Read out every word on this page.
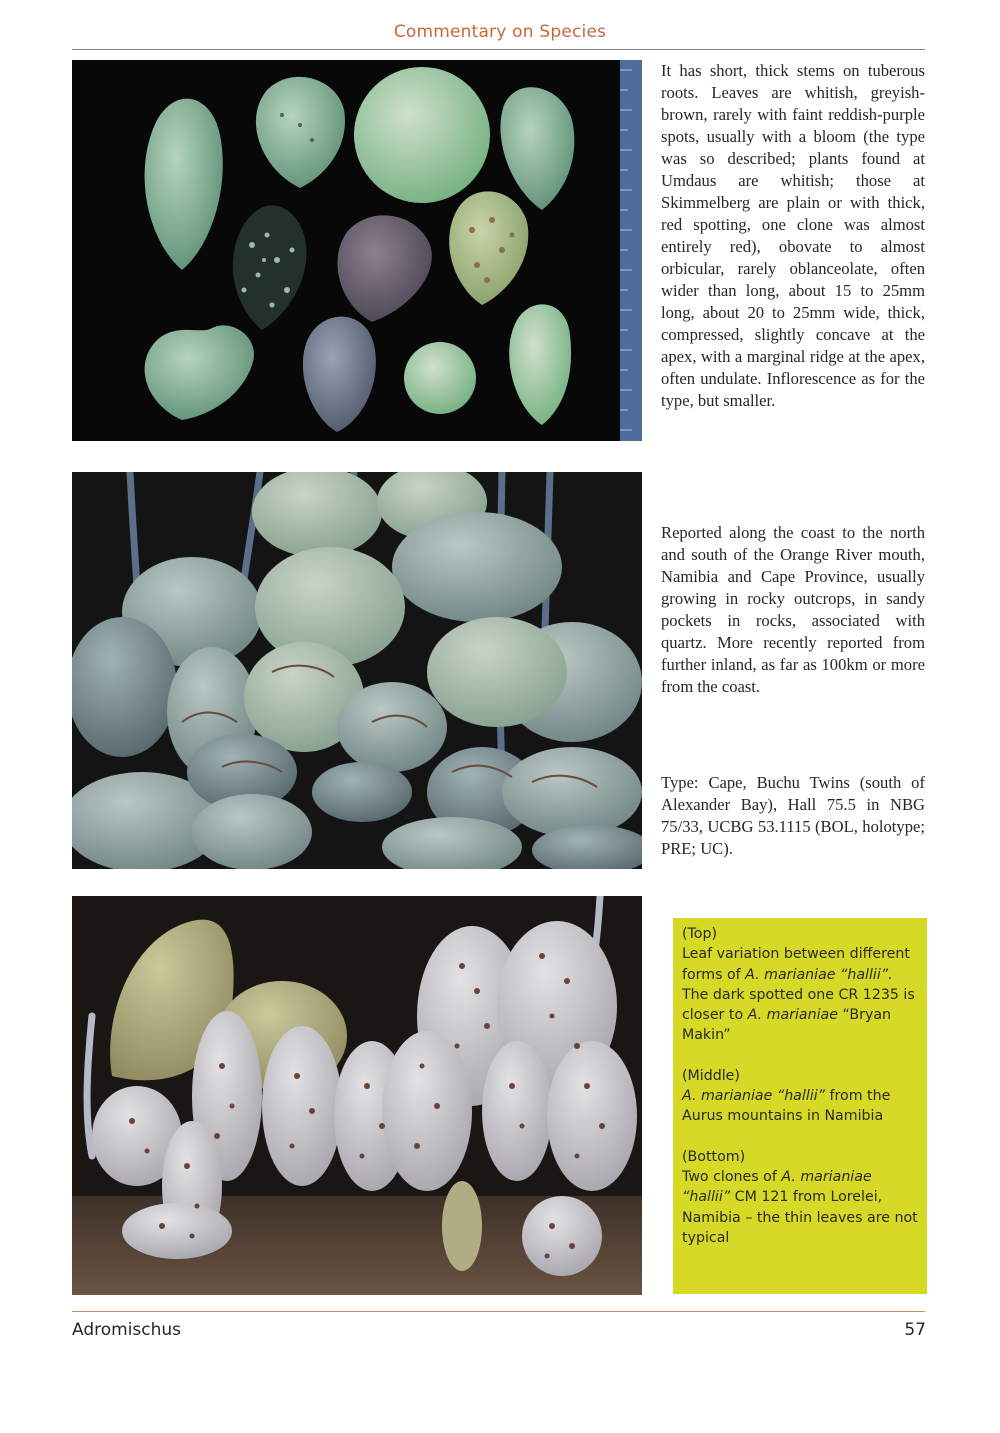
Commentary on Species

It has short, thick stems on tuberous roots. Leaves are whitish, greyish-brown, rarely with faint reddish-purple spots, usually with a bloom (the type was so described; plants found at Umdaus are whitish; those at Skimmelberg are plain or with thick, red spotting, one clone was almost entirely red), obovate to almost orbicular, rarely oblanceolate, often wider than long, about 15 to 25mm long, about 20 to 25mm wide, thick, compressed, slightly concave at the apex, with a marginal ridge at the apex, often undulate. Inflorescence as for the type, but smaller.

Reported along the coast to the north and south of the Orange River mouth, Namibia and Cape Province, usually growing in rocky outcrops, in sandy pockets in rocks, associated with quartz. More recently reported from further inland, as far as 100km or more from the coast.

Type: Cape, Buchu Twins (south of Alexander Bay), Hall 75.5 in NBG 75/33, UCBG 53.1115 (BOL, holotype; PRE; UC).

(Top)

Leaf variation between different forms of A. marianiae “hallii”. The dark spotted one CR 1235 is closer to A. marianiae “Bryan Makin”

(Middle)

A. marianiae “hallii” from the Aurus mountains in Namibia

(Bottom)

Two clones of A. marianiae “hallii” CM 121 from Lorelei, Namibia – the thin leaves are not typical

Adromischus	57
